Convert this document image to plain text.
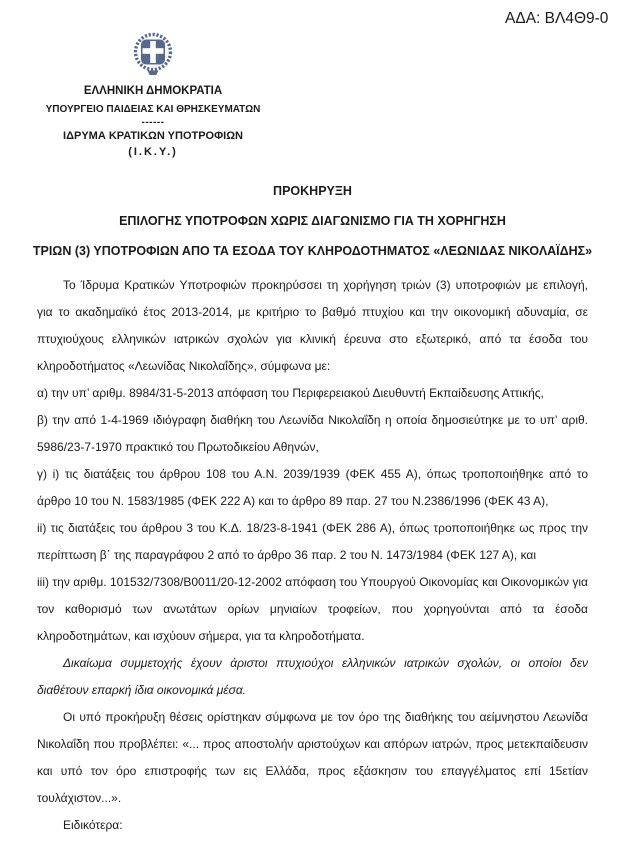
ΑΔΑ: ΒΛ4Θ9-0
ΕΛΛΗΝΙΚΗ ΔΗΜΟΚΡΑΤΙΑ
ΥΠΟΥΡΓΕΙΟ ΠΑΙΔΕΙΑΣ ΚΑΙ ΘΡΗΣΚΕΥΜΑΤΩΝ
------
ΙΔΡΥΜΑ ΚΡΑΤΙΚΩΝ ΥΠΟΤΡΟΦΙΩΝ
(Ι.Κ.Υ.)
ΠΡΟΚΗΡΥΞΗ
ΕΠΙΛΟΓΗΣ ΥΠΟΤΡΟΦΩΝ ΧΩΡΙΣ ΔΙΑΓΩΝΙΣΜΟ ΓΙΑ ΤΗ ΧΟΡΗΓΗΣΗ
ΤΡΙΩΝ (3) ΥΠΟΤΡΟΦΙΩΝ ΑΠΟ ΤΑ ΕΣΟΔΑ ΤΟΥ ΚΛΗΡΟΔΟΤΗΜΑΤΟΣ «ΛΕΩΝΙΔΑΣ ΝΙΚΟΛΑΪΔΗΣ»

Το Ίδρυμα Κρατικών Υποτροφιών προκηρύσσει τη χορήγηση τριών (3) υποτροφιών με επιλογή, για το ακαδημαϊκό έτος 2013-2014, με κριτήριο το βαθμό πτυχίου και την οικονομική αδυναμία, σε πτυχιούχους ελληνικών ιατρικών σχολών για κλινική έρευνα στο εξωτερικό, από τα έσοδα του κληροδοτήματος «Λεωνίδας Νικολαΐδης», σύμφωνα με:

α) την υπ’ αριθμ. 8984/31-5-2013 απόφαση του Περιφερειακού Διευθυντή Εκπαίδευσης Αττικής,

β) την από 1-4-1969 ιδιόγραφη διαθήκη του Λεωνίδα Νικολαΐδη η οποία δημοσιεύτηκε με το υπ’ αριθ. 5986/23-7-1970 πρακτικό του Πρωτοδικείου Αθηνών,

γ) i) τις διατάξεις του άρθρου 108 του Α.Ν. 2039/1939 (ΦΕΚ 455 Α), όπως τροποποιήθηκε από το άρθρο 10 του Ν. 1583/1985 (ΦΕΚ 222 Α) και το άρθρο 89 παρ. 27 του Ν.2386/1996 (ΦΕΚ 43 Α),

ii) τις διατάξεις του άρθρου 3 του Κ.Δ. 18/23-8-1941 (ΦΕΚ 286 Α), όπως τροποποιήθηκε ως προς την περίπτωση β΄ της παραγράφου 2 από το άρθρο 36 παρ. 2 του Ν. 1473/1984 (ΦΕΚ 127 Α), και

iii) την αριθμ. 101532/7308/Β0011/20-12-2002 απόφαση του Υπουργού Οικονομίας και Οικονομικών για τον καθορισμό των ανωτάτων ορίων μηνιαίων τροφείων, που χορηγούνται από τα έσοδα κληροδοτημάτων, και ισχύουν σήμερα, για τα κληροδοτήματα.

Δικαίωμα συμμετοχής έχουν άριστοι πτυχιούχοι ελληνικών ιατρικών σχολών, οι οποίοι δεν διαθέτουν επαρκή ίδια οικονομικά μέσα.

Οι υπό προκήρυξη θέσεις ορίστηκαν σύμφωνα με τον όρο της διαθήκης του αείμνηστου Λεωνίδα Νικολαΐδη που προβλέπει: «... προς αποστολήν αριστούχων και απόρων ιατρών, προς μετεκπαίδευσιν και υπό τον όρο επιστροφής των εις Ελλάδα, προς εξάσκησιν του επαγγέλματος επί 15ετίαν τουλάχιστον...».

Ειδικότερα:
